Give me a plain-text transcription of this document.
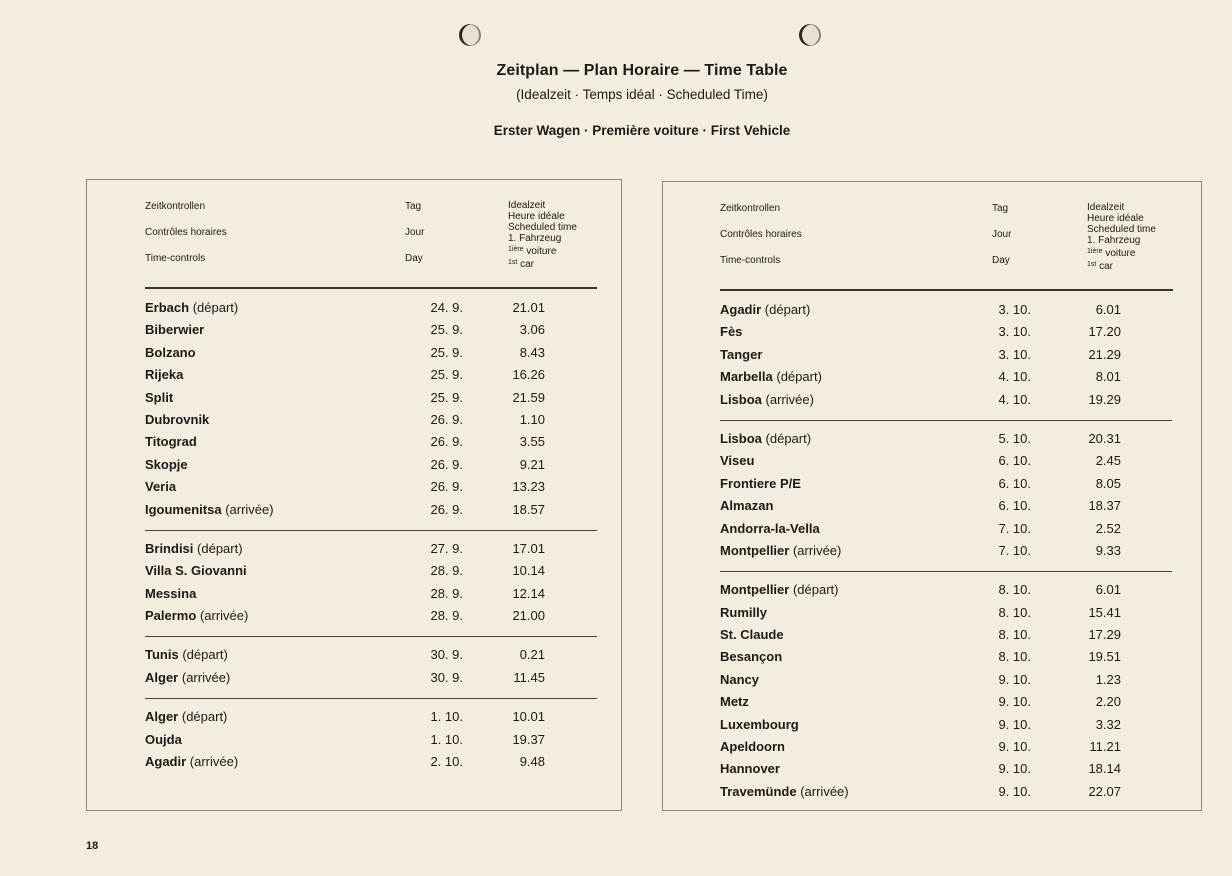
Zeitplan — Plan Horaire — Time Table
(Idealzeit · Temps idéal · Scheduled Time)
Erster Wagen · Première voiture · First Vehicle
Zeitkontrollen
Contrôles horaires
Time-controls
Tag
Jour
Day
Idealzeit
Heure idéale
Scheduled time
1. Fahrzeug
$^{1ière}$ voiture
$^{1st}$ car
Erbach (départ)	24. 9.	21.01
Biberwier	25. 9.	3.06
Bolzano	25. 9.	8.43
Rijeka	25. 9.	16.26
Split	25. 9.	21.59
Dubrovnik	26. 9.	1.10
Titograd	26. 9.	3.55
Skopje	26. 9.	9.21
Veria	26. 9.	13.23
Igoumenitsa (arrivée)	26. 9.	18.57
Brindisi (départ)	27. 9.	17.01
Villa S. Giovanni	28. 9.	10.14
Messina	28. 9.	12.14
Palermo (arrivée)	28. 9.	21.00
Tunis (départ)	30. 9.	0.21
Alger (arrivée)	30. 9.	11.45
Alger (départ)	1. 10.	10.01
Oujda	1. 10.	19.37
Agadir (arrivée)	2. 10.	9.48
Zeitkontrollen
Contrôles horaires
Time-controls
Tag
Jour
Day
Idealzeit
Heure idéale
Scheduled time
1. Fahrzeug
$^{1ière}$ voiture
$^{1st}$ car
Agadir (départ)	3. 10.	6.01
Fès	3. 10.	17.20
Tanger	3. 10.	21.29
Marbella (départ)	4. 10.	8.01
Lisboa (arrivée)	4. 10.	19.29
Lisboa (départ)	5. 10.	20.31
Viseu	6. 10.	2.45
Frontiere P/E	6. 10.	8.05
Almazan	6. 10.	18.37
Andorra-la-Vella	7. 10.	2.52
Montpellier (arrivée)	7. 10.	9.33
Montpellier (départ)	8. 10.	6.01
Rumilly	8. 10.	15.41
St. Claude	8. 10.	17.29
Besançon	8. 10.	19.51
Nancy	9. 10.	1.23
Metz	9. 10.	2.20
Luxembourg	9. 10.	3.32
Apeldoorn	9. 10.	11.21
Hannover	9. 10.	18.14
Travemünde (arrivée)	9. 10.	22.07
18
